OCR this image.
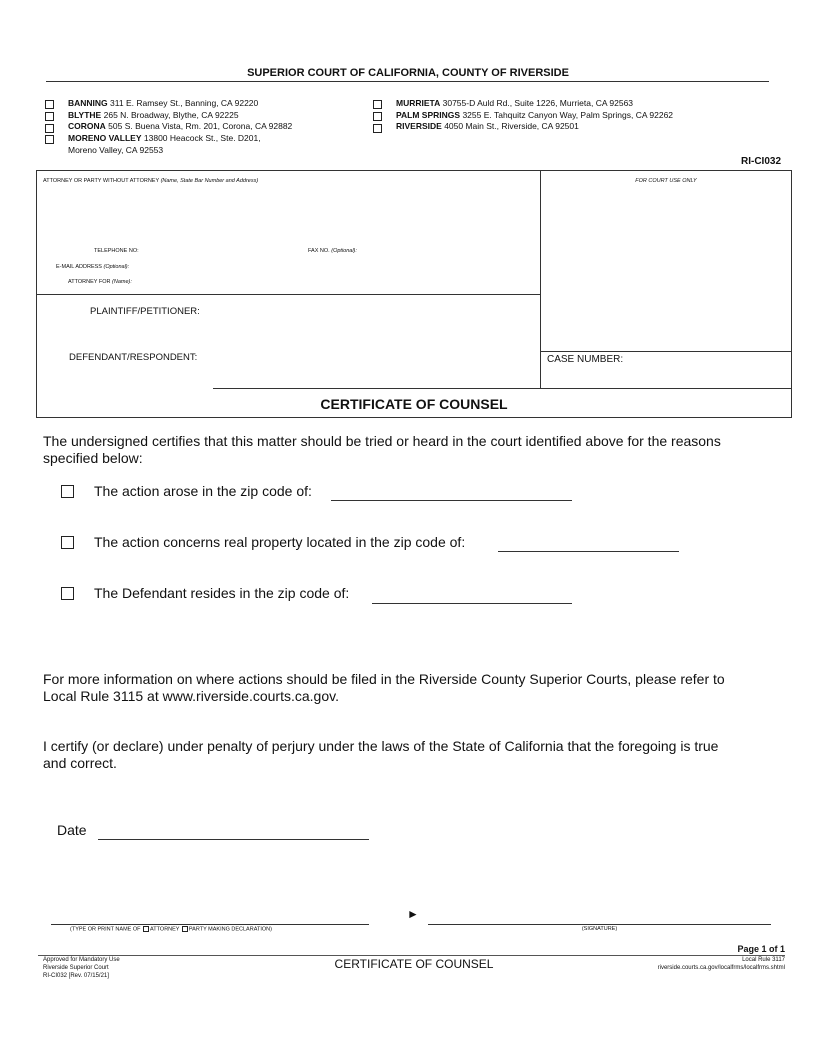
SUPERIOR COURT OF CALIFORNIA, COUNTY OF RIVERSIDE
BANNING 311 E. Ramsey St., Banning, CA 92220
BLYTHE 265 N. Broadway, Blythe, CA 92225
CORONA 505 S. Buena Vista, Rm. 201, Corona, CA 92882
MORENO VALLEY 13800 Heacock St., Ste. D201,
Moreno Valley, CA 92553
MURRIETA 30755-D Auld Rd., Suite 1226, Murrieta, CA 92563
PALM SPRINGS 3255 E. Tahquitz Canyon Way, Palm Springs, CA 92262
RIVERSIDE 4050 Main St., Riverside, CA 92501
RI-CI032
ATTORNEY OR PARTY WITHOUT ATTORNEY (Name, State Bar Number and Address)	FOR COURT USE ONLY
TELEPHONE NO:	FAX NO. (Optional):
E-MAIL ADDRESS (Optional):
ATTORNEY FOR (Name):
PLAINTIFF/PETITIONER:
DEFENDANT/RESPONDENT:	CASE NUMBER:
CERTIFICATE OF COUNSEL
The undersigned certifies that this matter should be tried or heard in the court identified above for the reasons specified below:
The action arose in the zip code of:
The action concerns real property located in the zip code of:
The Defendant resides in the zip code of:
For more information on where actions should be filed in the Riverside County Superior Courts, please refer to Local Rule 3115 at www.riverside.courts.ca.gov.
I certify (or declare) under penalty of perjury under the laws of the State of California that the foregoing is true and correct.
Date
(TYPE OR PRINT NAME OF ATTORNEY PARTY MAKING DECLARATION)
►
(SIGNATURE)
Page 1 of 1
Approved for Mandatory Use
Riverside Superior Court
RI-CI032 [Rev. 07/15/21]
CERTIFICATE OF COUNSEL	Local Rule 3117
riverside.courts.ca.gov/localfrms/localfrms.shtml
